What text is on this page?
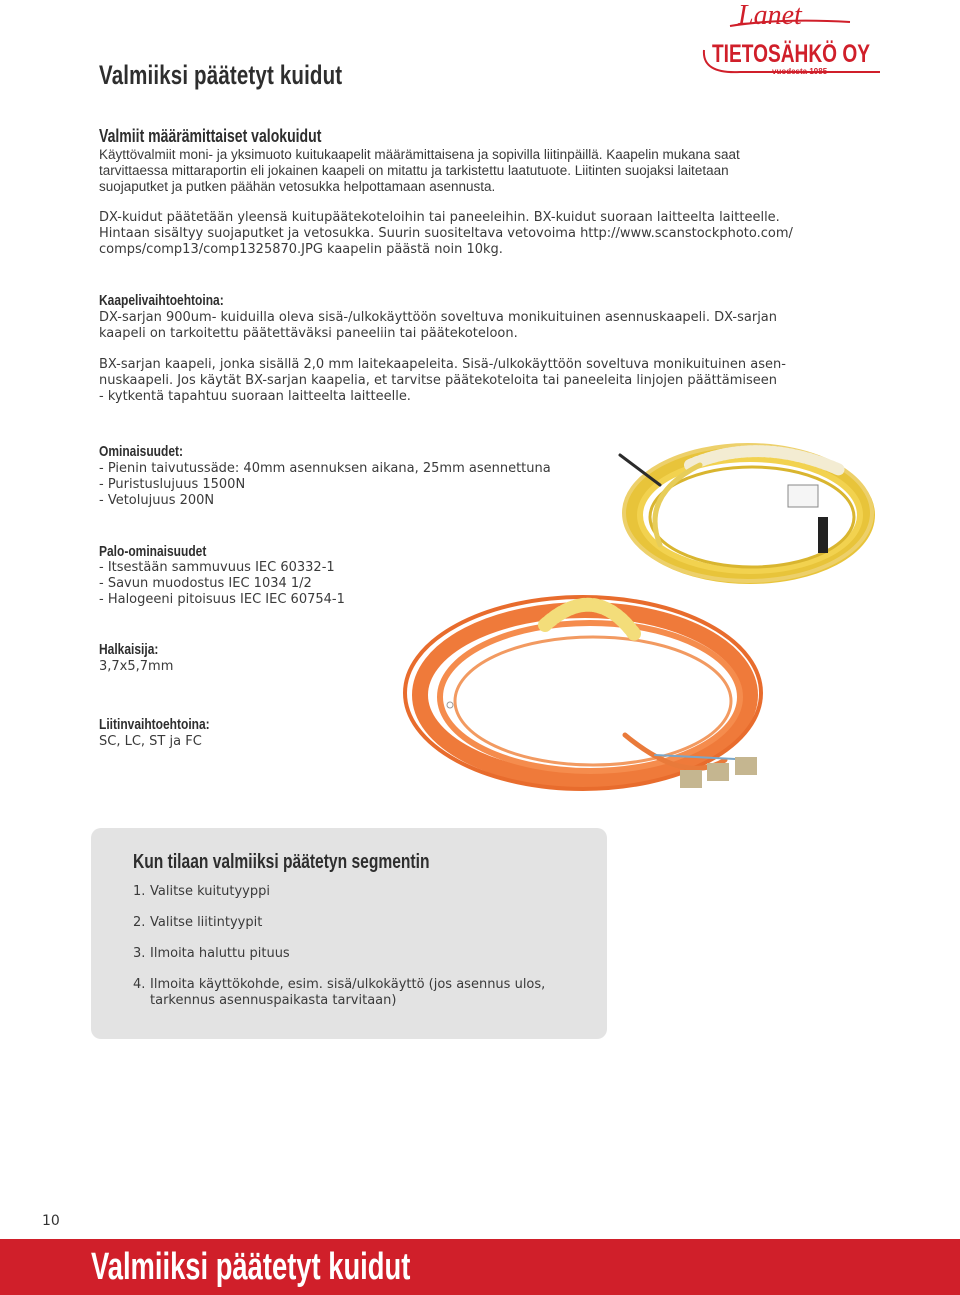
Lanet
TIETOSÄHKÖ OY
vuodesta 1985
Valmiiksi päätetyt kuidut
Valmiit määrämittaiset valokuidut
Käyttövalmiit moni- ja yksimuoto kuitukaapelit määrämittaisena ja sopivilla liitinpäillä. Kaapelin mukana saat
tarvittaessa mittaraportin eli jokainen kaapeli on mitattu ja tarkistettu laatutuote. Liitinten suojaksi laitetaan
suojaputket ja putken päähän vetosukka helpottamaan asennusta.
DX-kuidut päätetään yleensä kuitupäätekoteloihin tai paneeleihin. BX-kuidut suoraan laitteelta laitteelle.
Hintaan sisältyy suojaputket ja vetosukka. Suurin suositeltava vetovoima http://www.scanstockphoto.com/
comps/comp13/comp1325870.JPG kaapelin päästä noin 10kg.
Kaapelivaihtoehtoina:
DX-sarjan 900um- kuiduilla oleva sisä-/ulkokäyttöön soveltuva monikuituinen asennuskaapeli. DX-sarjan
kaapeli on tarkoitettu päätettäväksi paneeliin tai päätekoteloon.
BX-sarjan kaapeli, jonka sisällä 2,0 mm laitekaapeleita. Sisä-/ulkokäyttöön soveltuva monikuituinen asen-
nuskaapeli. Jos käytät BX-sarjan kaapelia, et tarvitse päätekoteloita tai paneeleita linjojen päättämiseen
- kytkentä tapahtuu suoraan laitteelta laitteelle.
Ominaisuudet:
- Pienin taivutussäde: 40mm asennuksen aikana, 25mm asennettuna
- Puristuslujuus 1500N
- Vetolujuus 200N
Palo-ominaisuudet
- Itsestään sammuvuus IEC 60332-1
- Savun muodostus IEC 1034 1/2
- Halogeeni pitoisuus IEC IEC 60754-1
Halkaisija:
3,7x5,7mm
Liitinvaihtoehtoina:
SC, LC, ST ja FC
Kun tilaan valmiiksi päätetyn segmentin
1. Valitse kuitutyyppi
2. Valitse liitintyypit
3. Ilmoita haluttu pituus
4. Ilmoita käyttökohde, esim. sisä/ulkokäyttö (jos asennus ulos,
tarkennus asennuspaikasta tarvitaan)
10
Valmiiksi päätetyt kuidut
